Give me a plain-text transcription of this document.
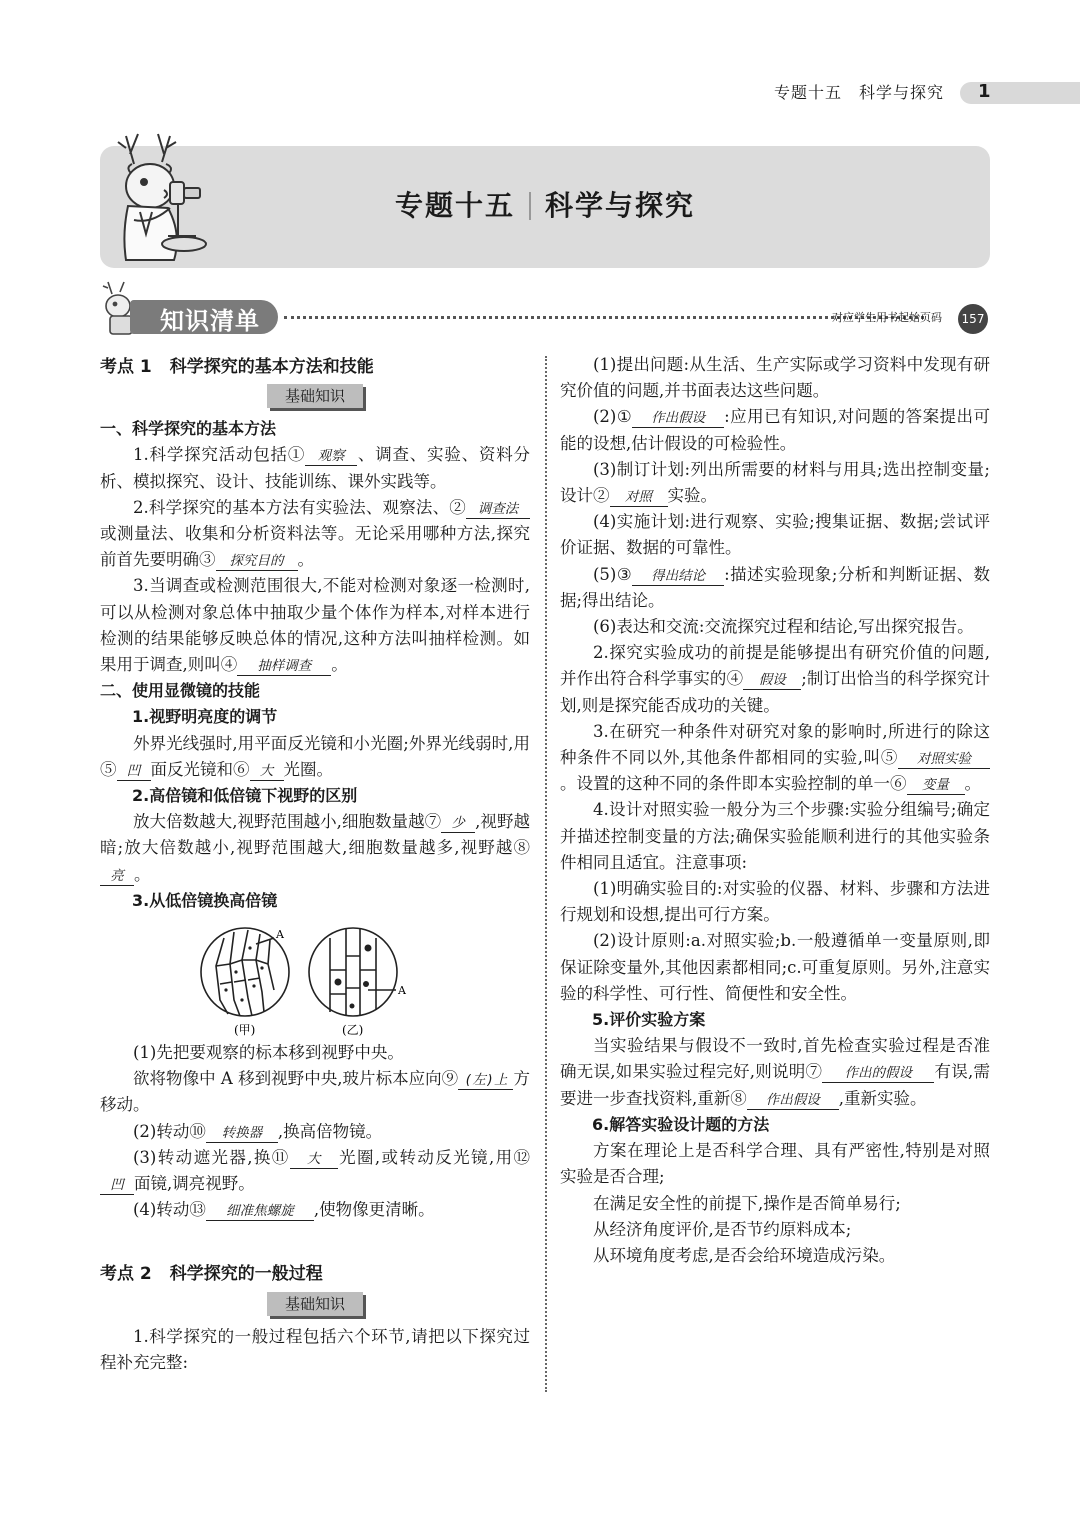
专题十五　科学与探究 1
专题十五 科学与探究
知识清单	对应学生用书起始页码 157

考点 1 科学探究的基本方法和技能

基础知识

一、科学探究的基本方法

1.科学探究活动包括① 观察 、调查、实验、资料分析、模拟探究、设计、技能训练、课外实践等。

2.科学探究的基本方法有实验法、观察法、② 调查法或测量法、收集和分析资料法等。无论采用哪种方法,探究前首先要明确③ 探究目的 。

3.当调查或检测范围很大,不能对检测对象逐一检测时,可以从检测对象总体中抽取少量个体作为样本,对样本进行检测的结果能够反映总体的情况,这种方法叫抽样检测。如果用于调查,则叫④ 抽样调查 。

二、使用显微镜的技能

1.视野明亮度的调节

外界光线强时,用平面反光镜和小光圈;外界光线弱时,用⑤ 凹 面反光镜和⑥ 大 光圈。

2.高倍镜和低倍镜下视野的区别

放大倍数越大,视野范围越小,细胞数量越⑦ 少 ,视野越暗;放大倍数越小,视野范围越大,细胞数量越多,视野越⑧亮 。

3.从低倍镜换高倍镜

A
A
(甲)	(乙)

(1)先把要观察的标本移到视野中央。

欲将物像中 A 移到视野中央,玻片标本应向⑨ (左)上 方移动。

(2)转动⑩ 转换器 ,换高倍物镜。

(3)转动遮光器,换⑪ 大 光圈,或转动反光镜,用⑫凹 面镜,调亮视野。

(4)转动⑬ 细准焦螺旋 ,使物像更清晰。

考点 2 科学探究的一般过程

基础知识

1.科学探究的一般过程包括六个环节,请把以下探究过程补充完整:

(1)提出问题:从生活、生产实际或学习资料中发现有研究价值的问题,并书面表达这些问题。

(2)① 作出假设 :应用已有知识,对问题的答案提出可能的设想,估计假设的可检验性。

(3)制订计划:列出所需要的材料与用具;选出控制变量;设计② 对照 实验。

(4)实施计划:进行观察、实验;搜集证据、数据;尝试评价证据、数据的可靠性。

(5)③ 得出结论 :描述实验现象;分析和判断证据、数据;得出结论。

(6)表达和交流:交流探究过程和结论,写出探究报告。

2.探究实验成功的前提是能够提出有研究价值的问题,并作出符合科学事实的④ 假设 ;制订出恰当的科学探究计划,则是探究能否成功的关键。

3.在研究一种条件对研究对象的影响时,所进行的除这种条件不同以外,其他条件都相同的实验,叫⑤ 对照实验。设置的这种不同的条件即本实验控制的单一⑥ 变量 。

4.设计对照实验一般分为三个步骤:实验分组编号;确定并描述控制变量的方法;确保实验能顺利进行的其他实验条件相同且适宜。注意事项:

(1)明确实验目的:对实验的仪器、材料、步骤和方法进行规划和设想,提出可行方案。

(2)设计原则:a.对照实验;b.一般遵循单一变量原则,即保证除变量外,其他因素都相同;c.可重复原则。另外,注意实验的科学性、可行性、简便性和安全性。

5.评价实验方案

当实验结果与假设不一致时,首先检查实验过程是否准确无误,如果实验过程完好,则说明⑦ 作出的假设 有误,需要进一步查找资料,重新⑧ 作出假设 ,重新实验。

6.解答实验设计题的方法

方案在理论上是否科学合理、具有严密性,特别是对照实验是否合理;

在满足安全性的前提下,操作是否简单易行;

从经济角度评价,是否节约原料成本;

从环境角度考虑,是否会给环境造成污染。
